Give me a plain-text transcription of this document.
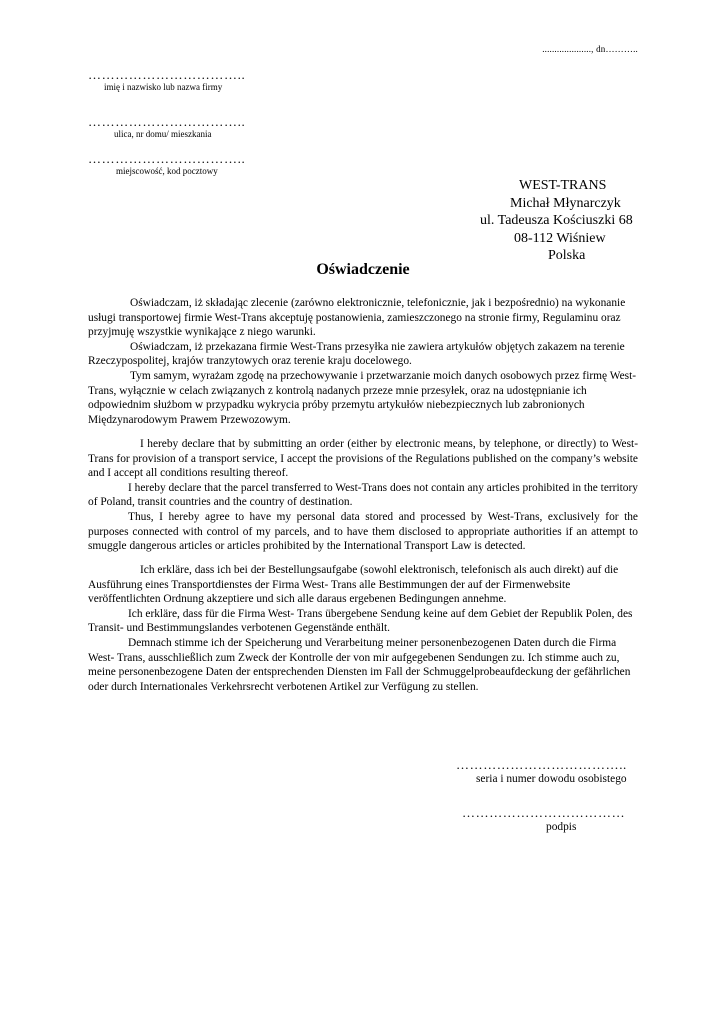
...................., dn………..
……………………………..
imię i nazwisko lub nazwa firmy
……………………………..
ulica, nr domu/ mieszkania
……………………………..
miejscowość, kod pocztowy
WEST-TRANS
Michał Młynarczyk
ul. Tadeusza Kościuszki 68
08-112 Wiśniew
Polska
Oświadczenie

Oświadczam, iż składając zlecenie (zarówno elektronicznie, telefonicznie, jak i bezpośrednio) na wykonanie usługi transportowej firmie West-Trans akceptuję postanowienia, zamieszczonego na stronie firmy, Regulaminu oraz przyjmuję wszystkie wynikające z niego warunki.

Oświadczam, iż przekazana firmie West-Trans przesyłka nie zawiera artykułów objętych zakazem na terenie Rzeczypospolitej, krajów tranzytowych oraz terenie kraju docelowego.

Tym samym, wyrażam zgodę na przechowywanie i przetwarzanie moich danych osobowych przez firmę West-Trans, wyłącznie w celach związanych z kontrolą nadanych przeze mnie przesyłek, oraz na udostępnianie ich odpowiednim służbom w przypadku wykrycia próby przemytu artykułów niebezpiecznych lub zabronionych Międzynarodowym Prawem Przewozowym.

I hereby declare that by submitting an order (either by electronic means, by telephone, or directly) to West-Trans for provision of a transport service, I accept the provisions of the Regulations published on the company’s website and I accept all conditions resulting thereof.

I hereby declare that the parcel transferred to West-Trans does not contain any articles prohibited in the territory of Poland, transit countries and the country of destination.

Thus, I hereby agree to have my personal data stored and processed by West-Trans, exclusively for the purposes connected with control of my parcels, and to have them disclosed to appropriate authorities if an attempt to smuggle dangerous articles or articles prohibited by the International Transport Law is detected.

Ich erkläre, dass ich bei der Bestellungsaufgabe (sowohl elektronisch, telefonisch als auch direkt) auf die Ausführung eines Transportdienstes der Firma West- Trans alle Bestimmungen der auf der Firmenwebsite veröffentlichten Ordnung akzeptiere und sich alle daraus ergebenen Bedingungen annehme.

Ich erkläre, dass für die Firma West- Trans übergebene Sendung keine auf dem Gebiet der Republik Polen, des Transit- und Bestimmungslandes verbotenen Gegenstände enthält.

Demnach stimme ich der Speicherung und Verarbeitung meiner personenbezogenen Daten durch die Firma West- Trans, ausschließlich zum Zweck der Kontrolle der von mir aufgegebenen Sendungen zu. Ich stimme auch zu, meine personenbezogene Daten der entsprechenden Diensten im Fall der Schmuggelprobeaufdeckung der gefährlichen oder durch Internationales Verkehrsrecht verbotenen Artikel zur Verfügung zu stellen.

………………………………..
seria i numer dowodu osobistego
………………………………
podpis
